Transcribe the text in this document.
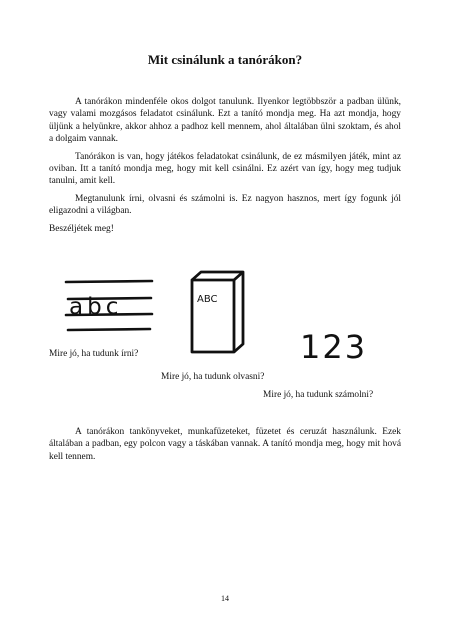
Mit csinálunk a tanórákon?

A tanórákon mindenféle okos dolgot tanulunk. Ilyenkor legtöbbször a padban ülünk, vagy valami mozgásos feladatot csinálunk. Ezt a tanító mondja meg. Ha azt mondja, hogy üljünk a helyünkre, akkor ahhoz a padhoz kell mennem, ahol általában ülni szoktam, és ahol a dolgaim vannak.

Tanórákon is van, hogy játékos feladatokat csinálunk, de ez másmilyen játék, mint az oviban. Itt a tanító mondja meg, hogy mit kell csinálni. Ez azért van így, hogy meg tudjuk tanulni, amit kell.

Megtanulunk írni, olvasni és számolni is. Ez nagyon hasznos, mert így fogunk jól eligazodni a világban.

Beszéljétek meg!

abc	ABC
123
Mire jó, ha tudunk írni?
Mire jó, ha tudunk olvasni?
Mire jó, ha tudunk számolni?

A tanórákon tankönyveket, munkafüzeteket, füzetet és ceruzát használunk. Ezek általában a padban, egy polcon vagy a táskában vannak. A tanító mondja meg, hogy mit hová kell tennem.

14
